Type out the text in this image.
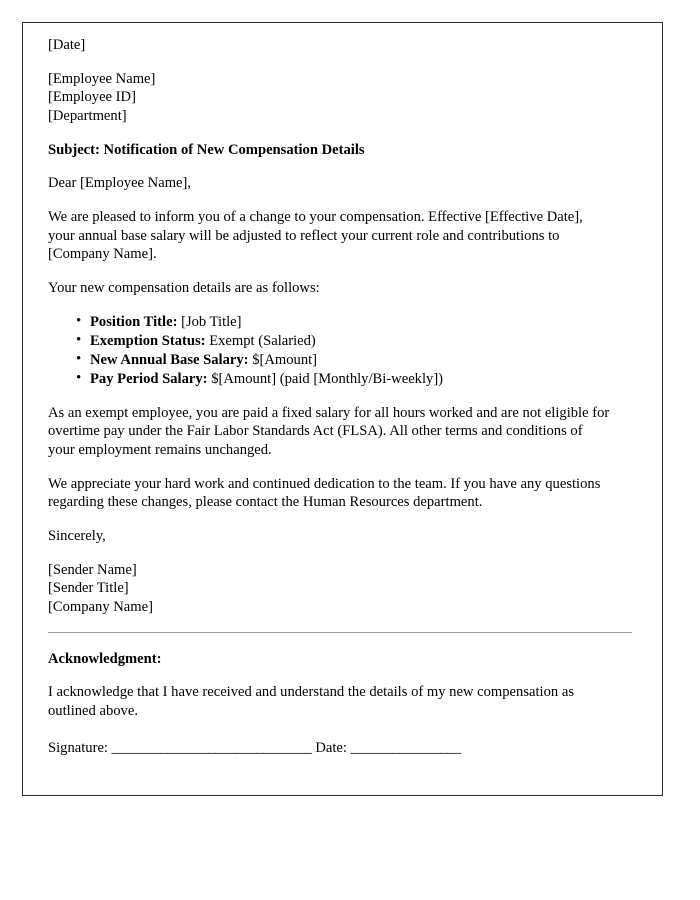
[Date]

[Employee Name]
[Employee ID]
[Department]

Subject: Notification of New Compensation Details

Dear [Employee Name],

We are pleased to inform you of a change to your compensation. Effective [Effective Date], your annual base salary will be adjusted to reflect your current role and contributions to [Company Name].

Your new compensation details are as follows:

• Position Title: [Job Title]
• Exemption Status: Exempt (Salaried)
• New Annual Base Salary: $[Amount]
• Pay Period Salary: $[Amount] (paid [Monthly/Bi-weekly])

As an exempt employee, you are paid a fixed salary for all hours worked and are not eligible for overtime pay under the Fair Labor Standards Act (FLSA). All other terms and conditions of your employment remains unchanged.

We appreciate your hard work and continued dedication to the team. If you have any questions regarding these changes, please contact the Human Resources department.

Sincerely,

[Sender Name]
[Sender Title]
[Company Name]

Acknowledgment:

I acknowledge that I have received and understand the details of my new compensation as outlined above.

Signature: _____________________________ Date: ________________
